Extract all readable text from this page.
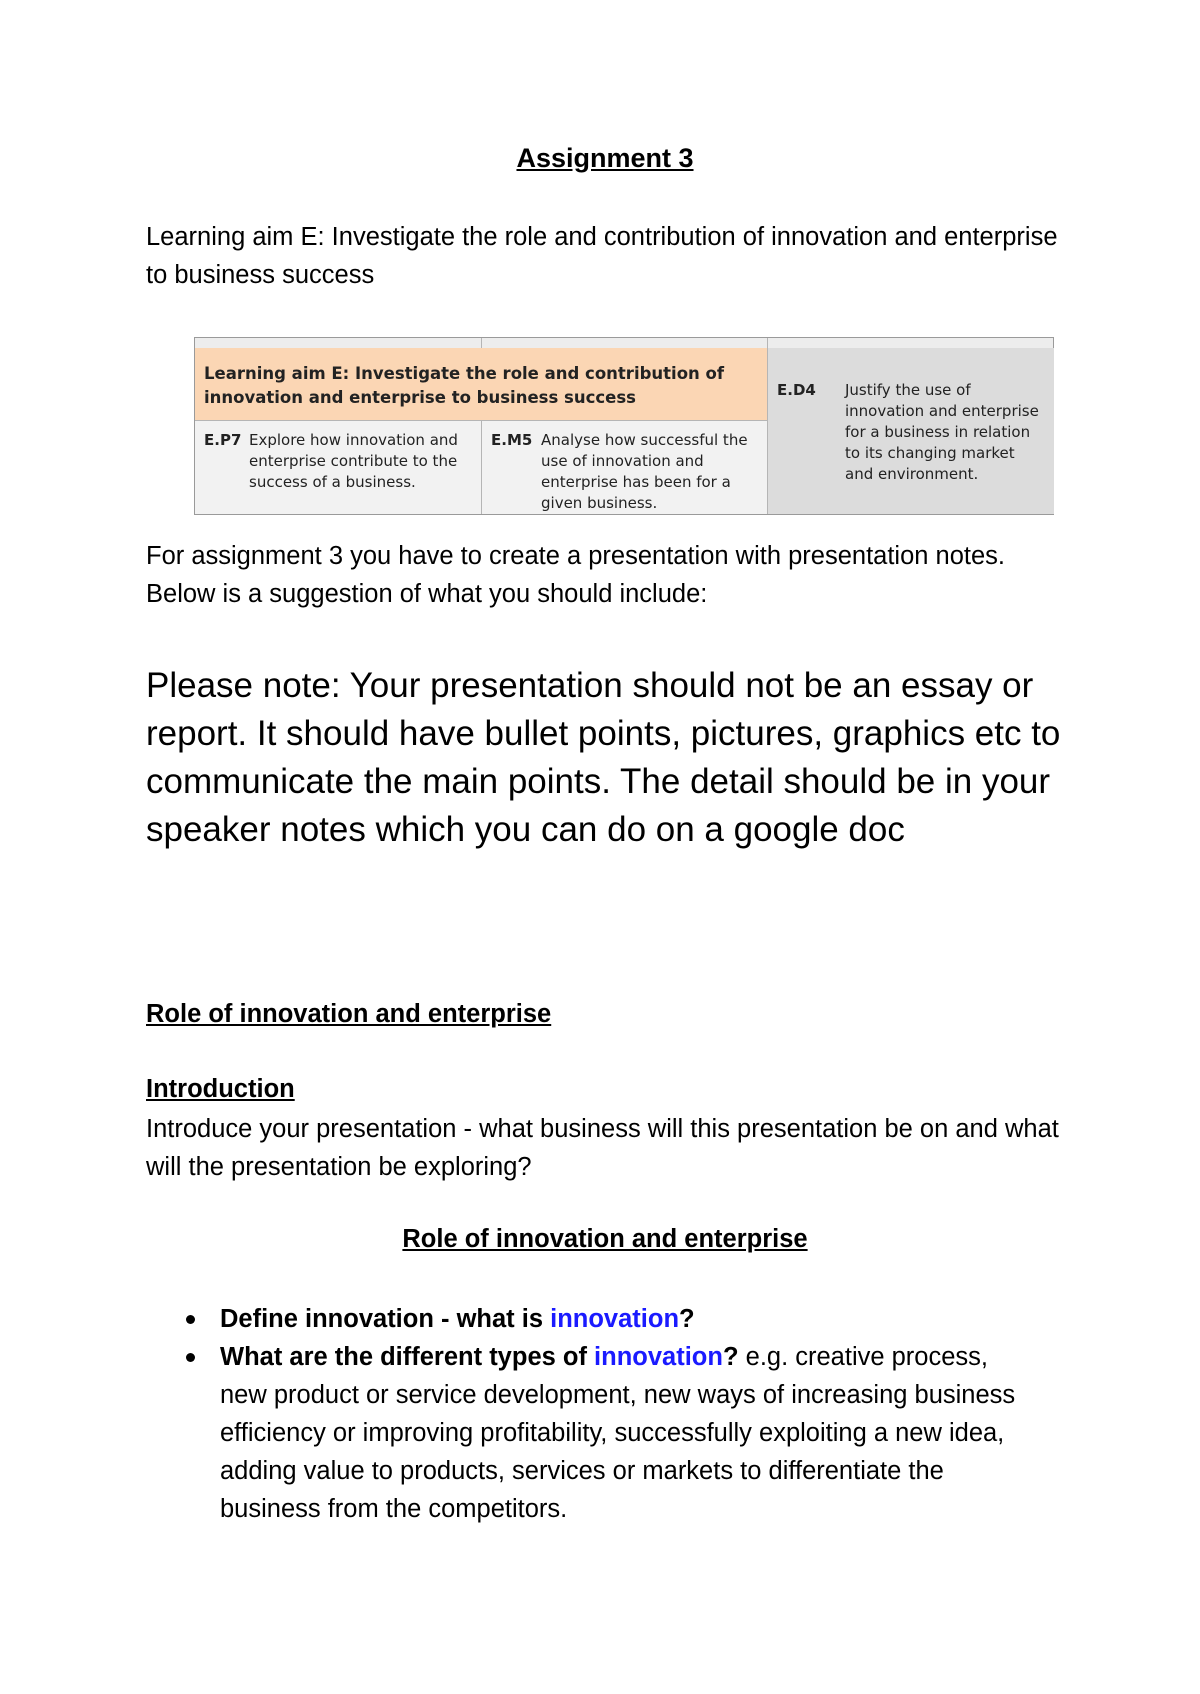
Assignment 3
Learning aim E: Investigate the role and contribution of innovation and enterprise to business success
Learning aim E: Investigate the role and contribution of innovation and enterprise to business success
E.P7 Explore how innovation and enterprise contribute to the success of a business.
E.M5 Analyse how successful the use of innovation and enterprise has been for a given business.
E.D4 Justify the use of innovation and enterprise for a business in relation to its changing market and environment.
For assignment 3 you have to create a presentation with presentation notes. Below is a suggestion of what you should include:
Please note: Your presentation should not be an essay or report. It should have bullet points, pictures, graphics etc to communicate the main points. The detail should be in your speaker notes which you can do on a google doc
Role of innovation and enterprise
Introduction
Introduce your presentation - what business will this presentation be on and what will the presentation be exploring?
Role of innovation and enterprise
Define innovation - what is innovation?
What are the different types of innovation? e.g. creative process, new product or service development, new ways of increasing business efficiency or improving profitability, successfully exploiting a new idea, adding value to products, services or markets to differentiate the business from the competitors.
